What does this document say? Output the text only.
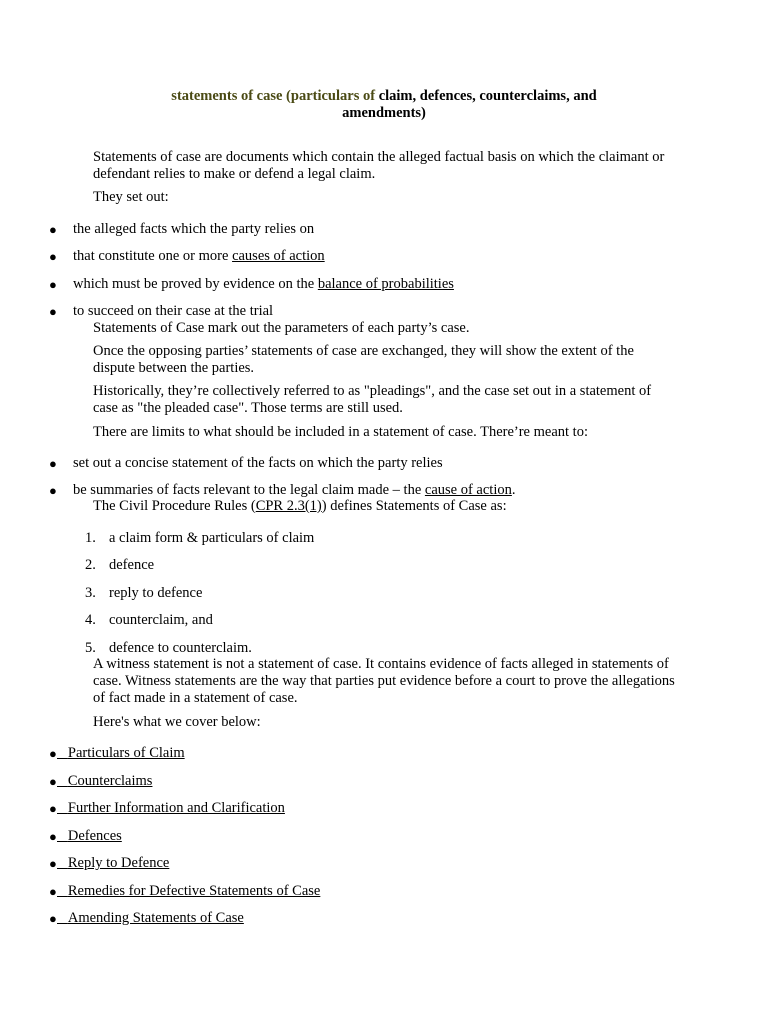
statements of case (particulars of claim, defences, counterclaims, and
amendments)

Statements of case are documents which contain the alleged factual basis on which the claimant or defendant relies to make or defend a legal claim.

They set out:

● the alleged facts which the party relies on
● that constitute one or more causes of action
● which must be proved by evidence on the balance of probabilities
● to succeed on their case at the trial

Statements of Case mark out the parameters of each party’s case.

Once the opposing parties’ statements of case are exchanged, they will show the extent of the dispute between the parties.

Historically, they’re collectively referred to as "pleadings", and the case set out in a statement of case as "the pleaded case". Those terms are still used.

There are limits to what should be included in a statement of case. There’re meant to:

● set out a concise statement of the facts on which the party relies
● be summaries of facts relevant to the legal claim made – the cause of action.

The Civil Procedure Rules (CPR 2.3(1)) defines Statements of Case as:

1. a claim form & particulars of claim
2. defence
3. reply to defence
4. counterclaim, and
5. defence to counterclaim.

A witness statement is not a statement of case. It contains evidence of facts alleged in statements of case. Witness statements are the way that parties put evidence before a court to prove the allegations of fact made in a statement of case.

Here's what we cover below:

● Particulars of Claim
● Counterclaims
● Further Information and Clarification
● Defences
● Reply to Defence
● Remedies for Defective Statements of Case
● Amending Statements of Case
